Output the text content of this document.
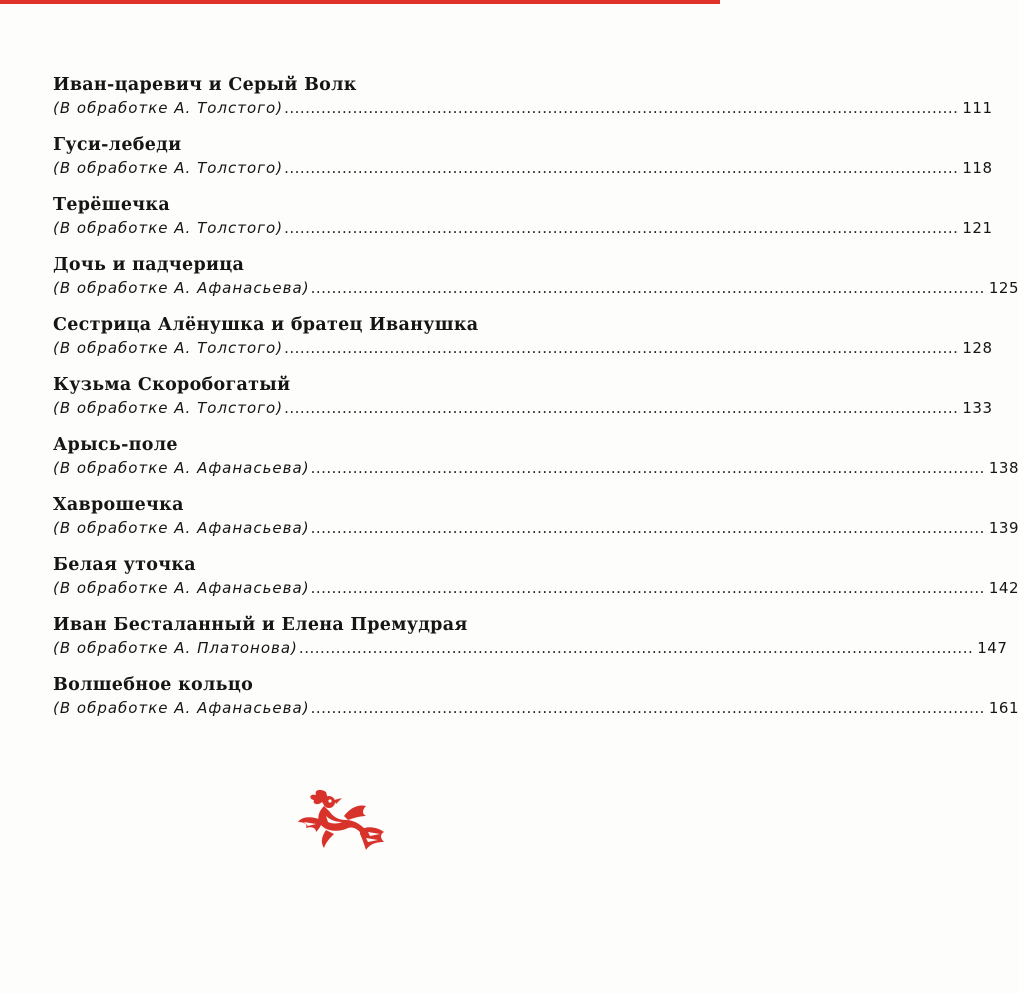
Иван-царевич и Серый Волк
(В обработке А. Толстого) ................................................................................................................................ 111
Гуси-лебеди
(В обработке А. Толстого) ................................................................................................................................ 118
Терёшечка
(В обработке А. Толстого) ................................................................................................................................ 121
Дочь и падчерица
(В обработке А. Афанасьева) ................................................................................................................................ 125
Сестрица Алёнушка и братец Иванушка
(В обработке А. Толстого) ................................................................................................................................ 128
Кузьма Скоробогатый
(В обработке А. Толстого) ................................................................................................................................ 133
Арысь-поле
(В обработке А. Афанасьева) ................................................................................................................................ 138
Хаврошечка
(В обработке А. Афанасьева) ................................................................................................................................ 139
Белая уточка
(В обработке А. Афанасьева) ................................................................................................................................ 142
Иван Бесталанный и Елена Премудрая
(В обработке А. Платонова) ................................................................................................................................ 147
Волшебное кольцо
(В обработке А. Афанасьева) ................................................................................................................................ 161
